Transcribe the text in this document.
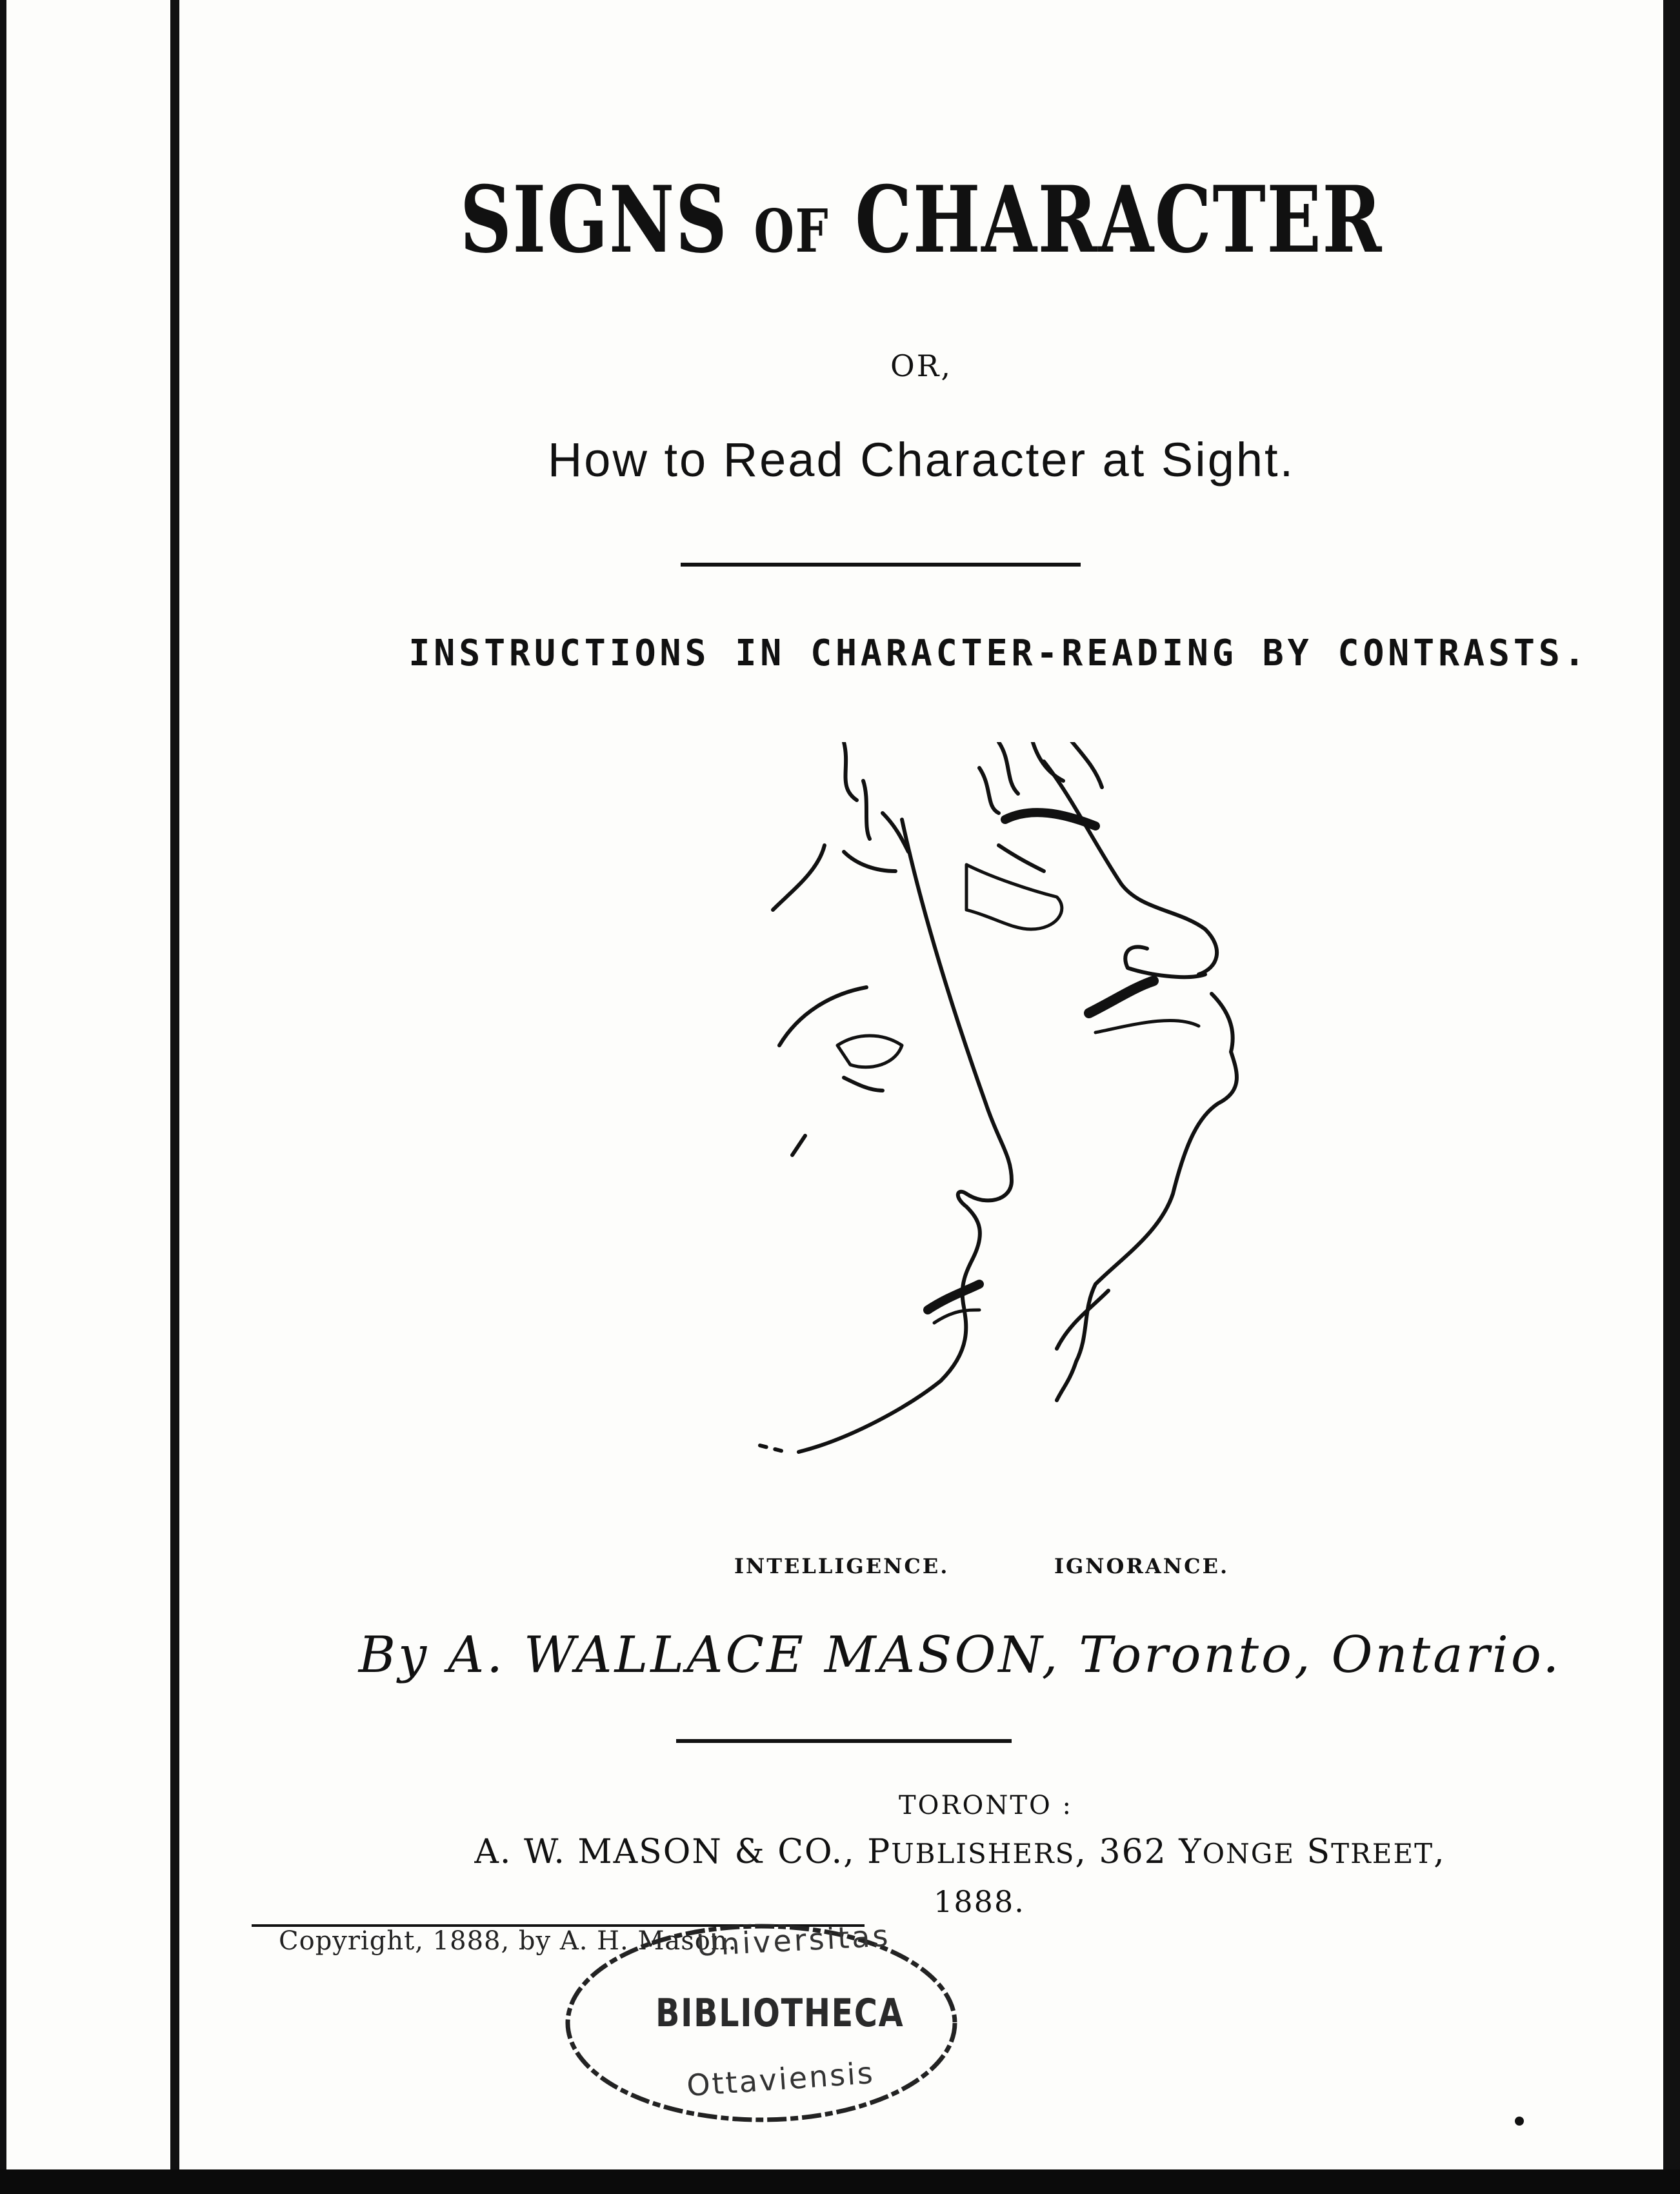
SIGNS OF CHARACTER
OR,
How to Read Character at Sight.
INSTRUCTIONS IN CHARACTER-READING BY CONTRASTS.
INTELLIGENCE.	IGNORANCE.
By A. WALLACE MASON, Toronto, Ontario.
TORONTO :
A. W. MASON & CO., PUBLISHERS, 362 YONGE STREET,
1888.
Copyright, 1888, by A. H. Mason.
Universitas
BIBLIOTHECA
Ottaviensis
